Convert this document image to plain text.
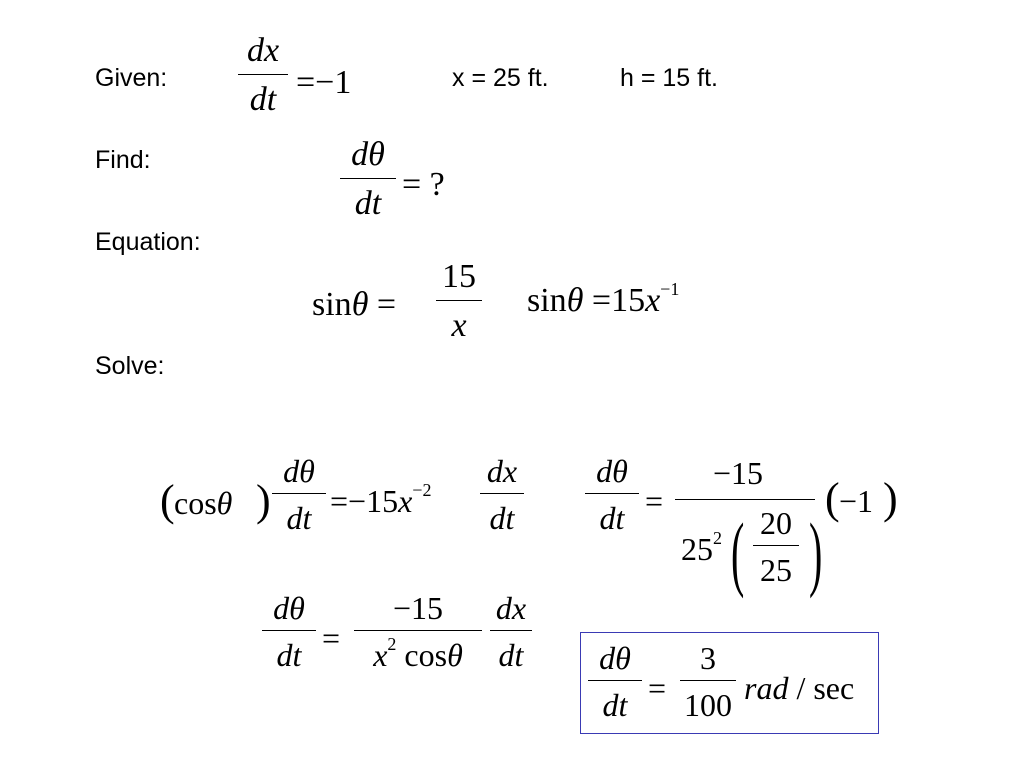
Given:
Find:
Equation:
Solve:
x = 25 ft.	h = 15 ft.
dx
dt =−1
dθ
dt
= ?
sinθ =
15
x
$\sin\theta =15x^{-1}$
( cosθ )
dθ
dt $=-15x^{-2}$
dx
dt
dθ
dt =
−15
$x^2$ cosθ
dx
dt
dθ
dt =
−15
$25^2$ ( 20
25 )
( −1 )
dθ
dt =
3
100 rad / sec
